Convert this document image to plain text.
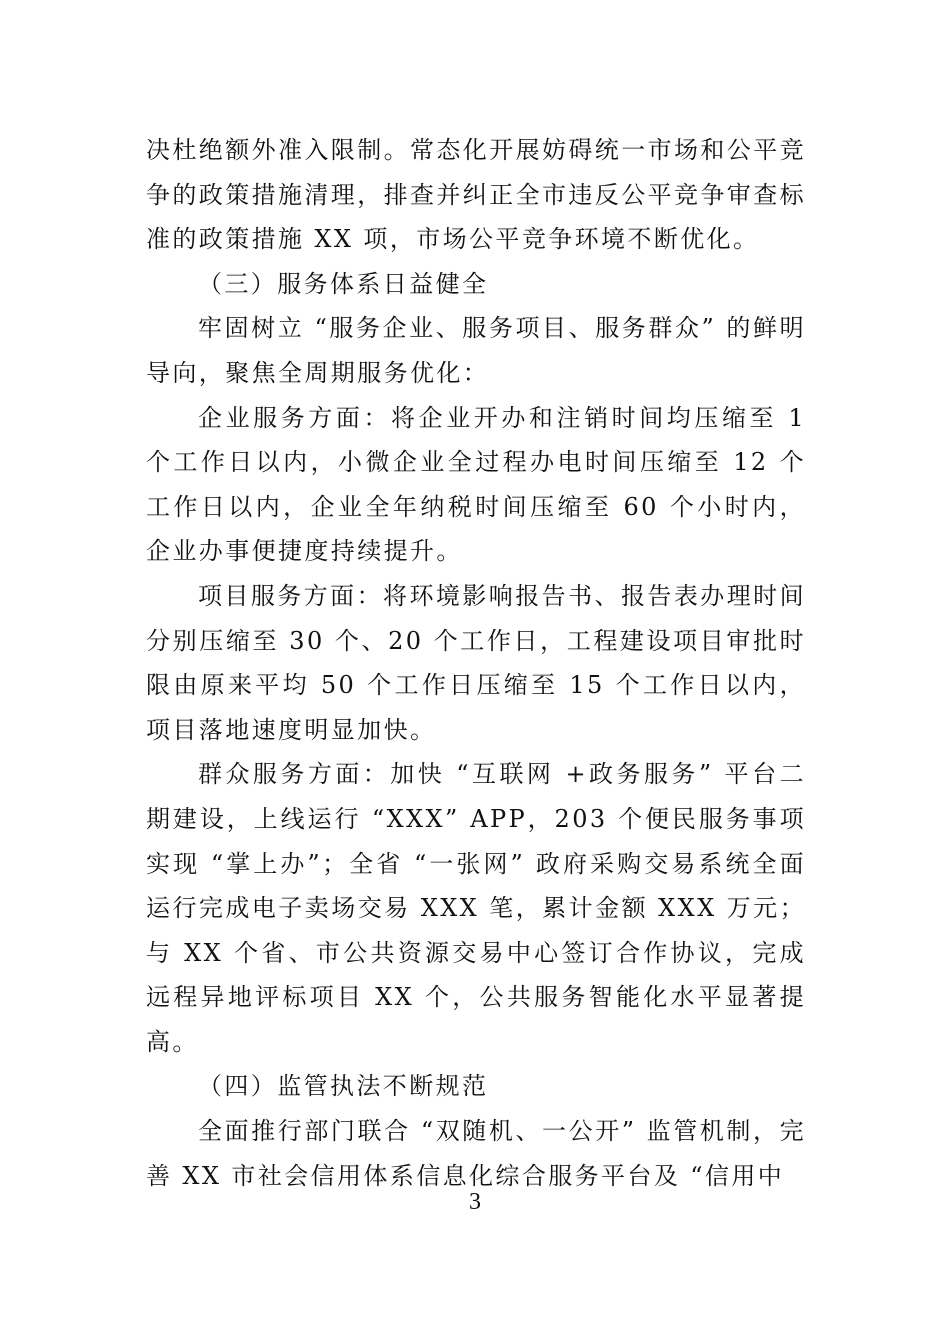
决杜绝额外准入限制。常态化开展妨碍统一市场和公平竞争的政策措施清理，排查并纠正全市违反公平竞争审查标准的政策措施 XX 项，市场公平竞争环境不断优化。

（三）服务体系日益健全

牢固树立 “服务企业、服务项目、服务群众” 的鲜明导向，聚焦全周期服务优化：

企业服务方面：将企业开办和注销时间均压缩至 1 个工作日以内，小微企业全过程办电时间压缩至 12 个工作日以内，企业全年纳税时间压缩至 60 个小时内，企业办事便捷度持续提升。

项目服务方面：将环境影响报告书、报告表办理时间分别压缩至 30 个、20 个工作日，工程建设项目审批时限由原来平均 50 个工作日压缩至 15 个工作日以内，项目落地速度明显加快。

群众服务方面：加快 “互联网 +政务服务” 平台二期建设，上线运行 “XXX” APP，203 个便民服务事项实现 “掌上办”；全省 “一张网” 政府采购交易系统全面运行完成电子卖场交易 XXX 笔，累计金额 XXX 万元；与 XX 个省、市公共资源交易中心签订合作协议，完成远程异地评标项目 XX 个，公共服务智能化水平显著提高。

（四）监管执法不断规范

全面推行部门联合 “双随机、一公开” 监管机制，完善 XX 市社会信用体系信息化综合服务平台及 “信用中

3
